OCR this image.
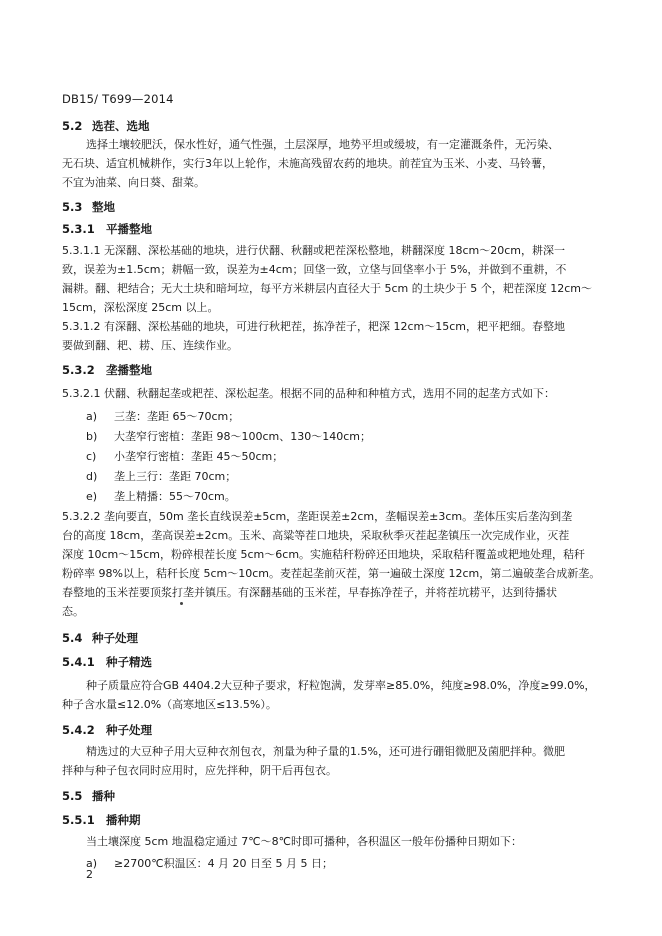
DB15/ T699—2014
5.2 选茬、选地
选择土壤较肥沃，保水性好，通气性强，土层深厚，地势平坦或缓坡，有一定灌溉条件，无污染、
无石块、适宜机械耕作，实行3年以上轮作，未施高残留农药的地块。前茬宜为玉米、小麦、马铃薯，
不宜为油菜、向日葵、甜菜。
5.3 整地
5.3.1 平播整地
5.3.1.1 无深翻、深松基础的地块，进行伏翻、秋翻或耙茬深松整地，耕翻深度 18cm～20cm，耕深一
致，误差为±1.5cm；耕幅一致，误差为±4cm；回垡一致，立垡与回垡率小于 5%，并做到不重耕，不
漏耕。翻、耙结合；无大土块和暗坷垃，每平方米耕层内直径大于 5cm 的土块少于 5 个，耙茬深度 12cm～
15cm，深松深度 25cm 以上。
5.3.1.2 有深翻、深松基础的地块，可进行秋耙茬，拣净茬子，耙深 12cm～15cm，耙平耙细。春整地
要做到翻、耙、耢、压、连续作业。
5.3.2 垄播整地
5.3.2.1 伏翻、秋翻起垄或耙茬、深松起垄。根据不同的品种和种植方式，选用不同的起垄方式如下：
a) 三垄：垄距 65～70cm；
b) 大垄窄行密植：垄距 98～100cm、130～140cm；
c) 小垄窄行密植：垄距 45～50cm；
d) 垄上三行：垄距 70cm；
e) 垄上精播：55～70cm。
5.3.2.2 垄向要直，50m 垄长直线误差±5cm，垄距误差±2cm，垄幅误差±3cm。垄体压实后垄沟到垄
台的高度 18cm，垄高误差±2cm。玉米、高粱等茬口地块，采取秋季灭茬起垄镇压一次完成作业，灭茬
深度 10cm～15cm，粉碎根茬长度 5cm～6cm。实施秸秆粉碎还田地块，采取秸秆覆盖或耙地处理，秸秆
粉碎率 98%以上，秸秆长度 5cm～10cm。麦茬起垄前灭茬，第一遍破土深度 12cm，第二遍破垄合成新垄。
春整地的玉米茬要顶浆打垄并镇压。有深翻基础的玉米茬，早春拣净茬子，并将茬坑耢平，达到待播状
态。
5.4 种子处理
5.4.1 种子精选
种子质量应符合GB 4404.2大豆种子要求，籽粒饱满，发芽率≥85.0%，纯度≥98.0%，净度≥99.0%，
种子含水量≤12.0%（高寒地区≤13.5%）。
5.4.2 种子处理
精选过的大豆种子用大豆种衣剂包衣，剂量为种子量的1.5%，还可进行硼钼微肥及菌肥拌种。微肥
拌种与种子包衣同时应用时，应先拌种，阴干后再包衣。
5.5 播种
5.5.1 播种期
当土壤深度 5cm 地温稳定通过 7℃～8℃时即可播种，各积温区一般年份播种日期如下：
a) ≥2700℃积温区：4 月 20 日至 5 月 5 日；
2
